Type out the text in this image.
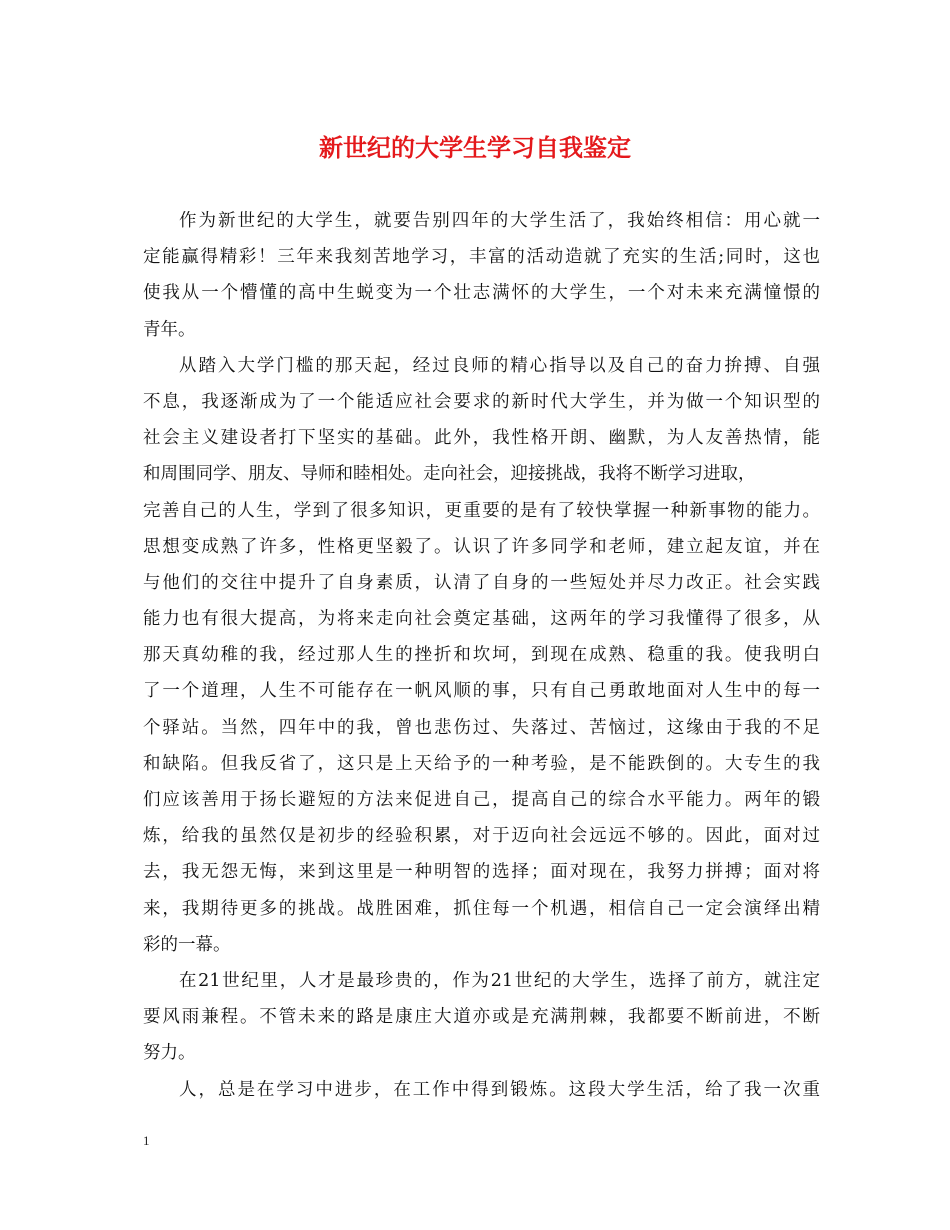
新世纪的大学生学习自我鉴定
作为新世纪的大学生，就要告别四年的大学生活了，我始终相信：用心就一
定能赢得精彩！三年来我刻苦地学习，丰富的活动造就了充实的生活;同时，这也
使我从一个懵懂的高中生蜕变为一个壮志满怀的大学生，一个对未来充满憧憬的
青年。
从踏入大学门槛的那天起，经过良师的精心指导以及自己的奋力拚搏、自强
不息，我逐渐成为了一个能适应社会要求的新时代大学生，并为做一个知识型的
社会主义建设者打下坚实的基础。此外，我性格开朗、幽默，为人友善热情，能
和周围同学、朋友、导师和睦相处。走向社会，迎接挑战，我将不断学习进取，
完善自己的人生，学到了很多知识，更重要的是有了较快掌握一种新事物的能力。
思想变成熟了许多，性格更坚毅了。认识了许多同学和老师，建立起友谊，并在
与他们的交往中提升了自身素质，认清了自身的一些短处并尽力改正。社会实践
能力也有很大提高，为将来走向社会奠定基础，这两年的学习我懂得了很多，从
那天真幼稚的我，经过那人生的挫折和坎坷，到现在成熟、稳重的我。使我明白
了一个道理，人生不可能存在一帆风顺的事，只有自己勇敢地面对人生中的每一
个驿站。当然，四年中的我，曾也悲伤过、失落过、苦恼过，这缘由于我的不足
和缺陷。但我反省了，这只是上天给予的一种考验，是不能跌倒的。大专生的我
们应该善用于扬长避短的方法来促进自己，提高自己的综合水平能力。两年的锻
炼，给我的虽然仅是初步的经验积累，对于迈向社会远远不够的。因此，面对过
去，我无怨无悔，来到这里是一种明智的选择；面对现在，我努力拼搏；面对将
来，我期待更多的挑战。战胜困难，抓住每一个机遇，相信自己一定会演绎出精
彩的一幕。
在21世纪里，人才是最珍贵的，作为21世纪的大学生，选择了前方，就注定
要风雨兼程。不管未来的路是康庄大道亦或是充满荆棘，我都要不断前进，不断
努力。
人，总是在学习中进步，在工作中得到锻炼。这段大学生活，给了我一次重
1
